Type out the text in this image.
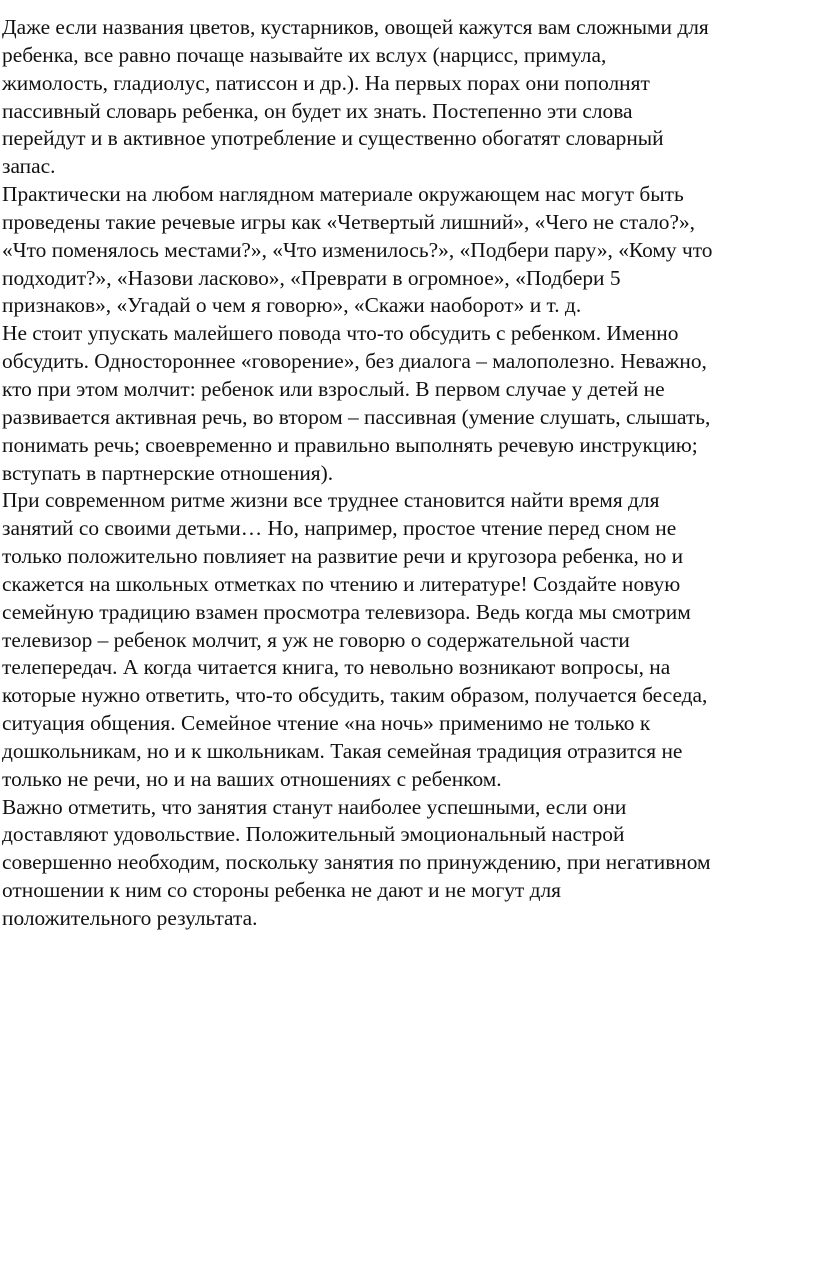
Даже если названия цветов, кустарников, овощей кажутся вам сложными для
ребенка, все равно почаще называйте их вслух (нарцисс, примула,
жимолость, гладиолус, патиссон и др.). На первых порах они пополнят
пассивный словарь ребенка, он будет их знать. Постепенно эти слова
перейдут и в активное употребление и существенно обогатят словарный
запас.

Практически на любом наглядном материале окружающем нас могут быть
проведены такие речевые игры как «Четвертый лишний», «Чего не стало?»,
«Что поменялось местами?», «Что изменилось?», «Подбери пару», «Кому что
подходит?», «Назови ласково», «Преврати в огромное», «Подбери 5
признаков», «Угадай о чем я говорю», «Скажи наоборот» и т. д.

Не стоит упускать малейшего повода что-то обсудить с ребенком. Именно
обсудить. Одностороннее «говорение», без диалога – малополезно. Неважно,
кто при этом молчит: ребенок или взрослый. В первом случае у детей не
развивается активная речь, во втором – пассивная (умение слушать, слышать,
понимать речь; своевременно и правильно выполнять речевую инструкцию;
вступать в партнерские отношения).

При современном ритме жизни все труднее становится найти время для
занятий со своими детьми… Но, например, простое чтение перед сном не
только положительно повлияет на развитие речи и кругозора ребенка, но и
скажется на школьных отметках по чтению и литературе! Создайте новую
семейную традицию взамен просмотра телевизора. Ведь когда мы смотрим
телевизор – ребенок молчит, я уж не говорю о содержательной части
телепередач. А когда читается книга, то невольно возникают вопросы, на
которые нужно ответить, что-то обсудить, таким образом, получается беседа,
ситуация общения. Семейное чтение «на ночь» применимо не только к
дошкольникам, но и к школьникам. Такая семейная традиция отразится не
только не речи, но и на ваших отношениях с ребенком.

Важно отметить, что занятия станут наиболее успешными, если они
доставляют удовольствие. Положительный эмоциональный настрой
совершенно необходим, поскольку занятия по принуждению, при негативном
отношении к ним со стороны ребенка не дают и не могут для
положительного результата.
